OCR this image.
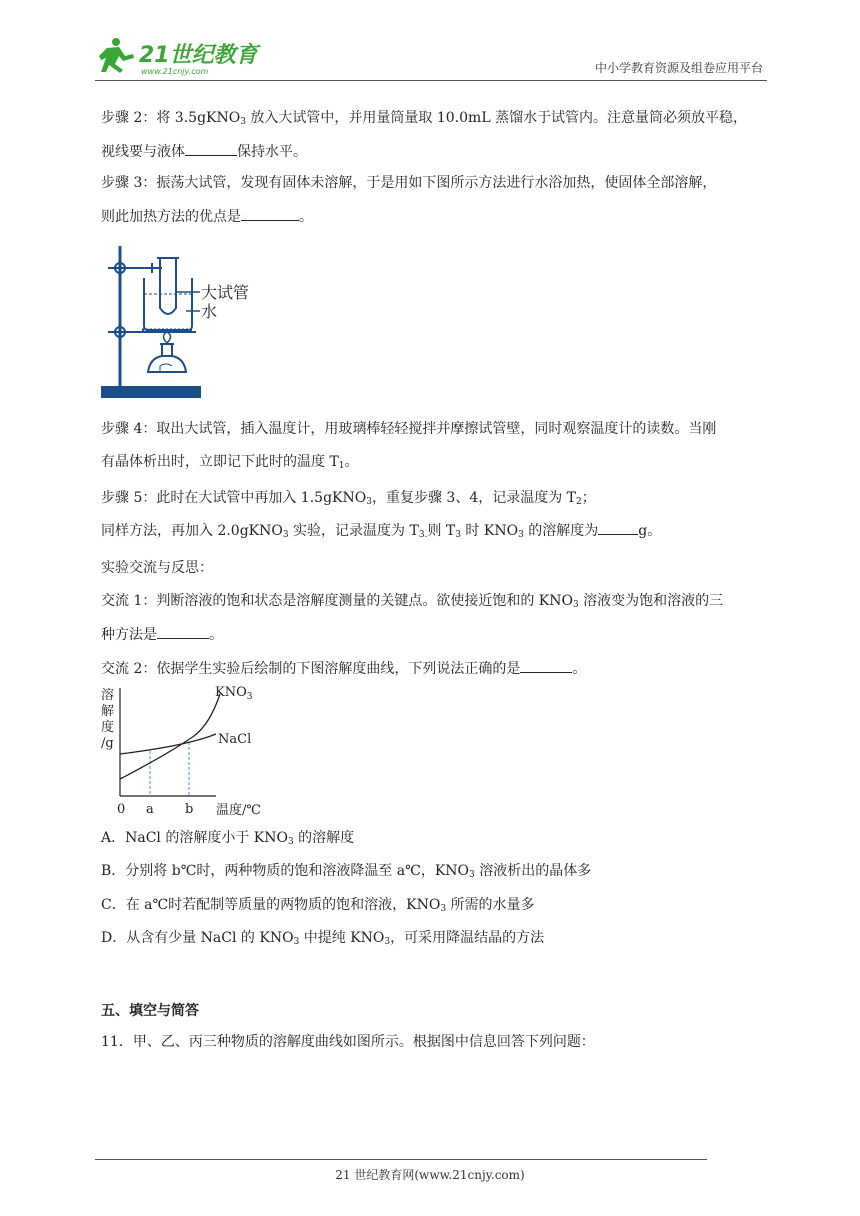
21世纪教育
www.21cnjy.com	中小学教育资源及组卷应用平台
步骤 2：将 3.5gKNO$_3$ 放入大试管中，并用量筒量取 10.0mL 蒸馏水于试管内。注意量筒必须放平稳，
视线要与液体	保持水平。
步骤 3：振荡大试管，发现有固体未溶解，于是用如下图所示方法进行水浴加热，使固体全部溶解，
则此加热方法的优点是	。
大试管
水
步骤 4：取出大试管，插入温度计，用玻璃棒轻轻搅拌并摩擦试管壁，同时观察温度计的读数。当刚
有晶体析出时，立即记下此时的温度 $T_1$。
步骤 5：此时在大试管中再加入 1.5gKNO$_3$，重复步骤 3、4，记录温度为 $T_2$；
同样方法，再加入 2.0gKNO$_3$ 实验，记录温度为 $T_{3.}$则 $T_3$ 时 $KNO_3$ 的溶解度为	g。
实验交流与反思：
交流 1：判断溶液的饱和状态是溶解度测量的关键点。欲使接近饱和的 $KNO_3$ 溶液变为饱和溶液的三
种方法是	。
交流 2：依据学生实验后绘制的下图溶解度曲线，下列说法正确的是	。
溶
解
度
/g
$KNO_3$
NaCl
0 a b 温度/℃
A．NaCl 的溶解度小于 $KNO_3$ 的溶解度
B．分别将 b℃时，两种物质的饱和溶液降温至 a℃，$KNO_3$ 溶液析出的晶体多
C．在 a℃时若配制等质量的两物质的饱和溶液，$KNO_3$ 所需的水量多
D．从含有少量 NaCl 的 $KNO_3$ 中提纯 $KNO_3$，可采用降温结晶的方法
五、填空与简答
11．甲、乙、丙三种物质的溶解度曲线如图所示。根据图中信息回答下列问题：
21 世纪教育网(www.21cnjy.com)
